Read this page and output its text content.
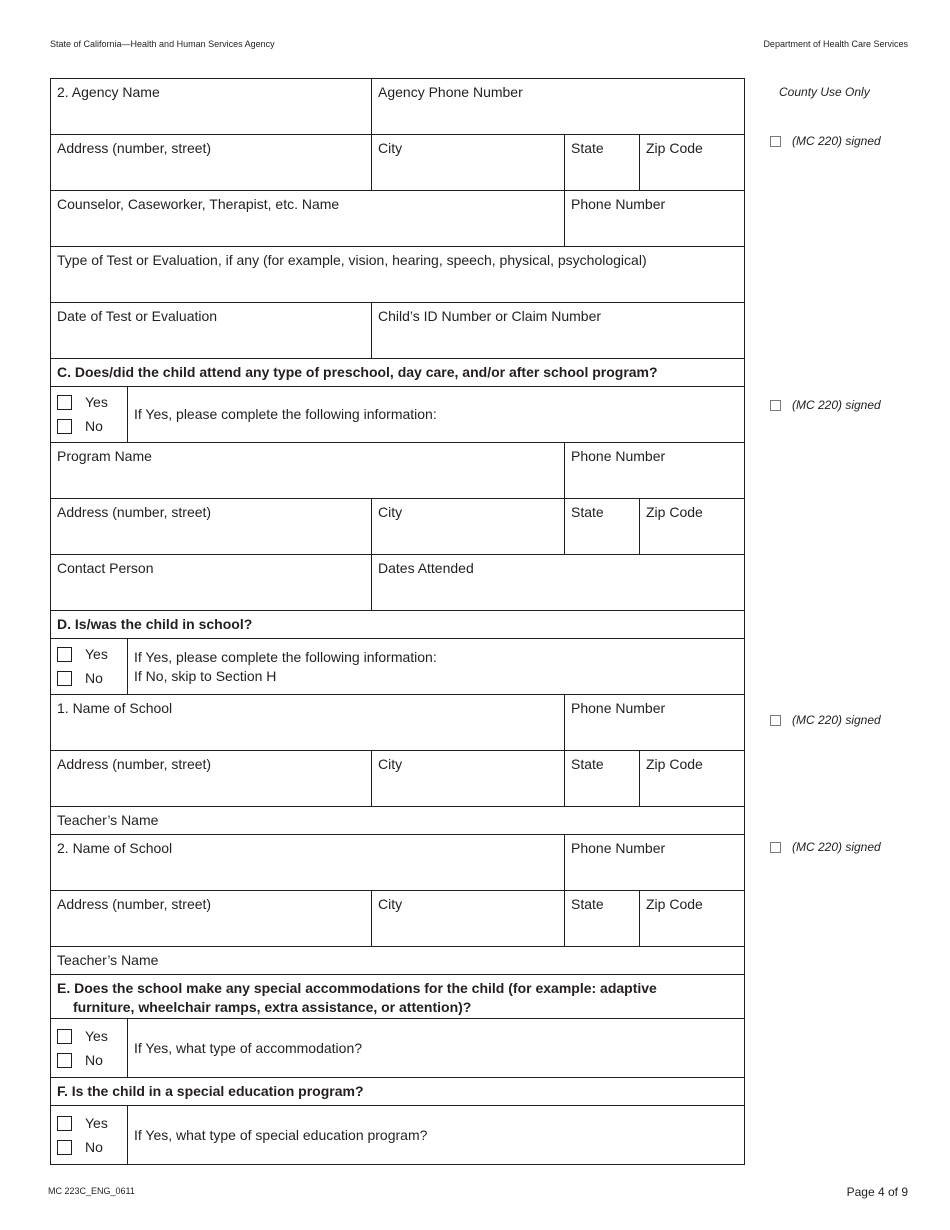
State of California—Health and Human Services Agency	Department of Health Care Services
2. Agency Name	Agency Phone Number
Address (number, street)	City	State	Zip Code
Counselor, Caseworker, Therapist, etc. Name	Phone Number
Type of Test or Evaluation, if any (for example, vision, hearing, speech, physical, psychological)
Date of Test or Evaluation	Child’s ID Number or Claim Number
C. Does/did the child attend any type of preschool, day care, and/or after school program?
Yes
No
If Yes, please complete the following information:
Program Name	Phone Number
Address (number, street)	City	State	Zip Code
Contact Person	Dates Attended
D. Is/was the child in school?
Yes
No
If Yes, please complete the following information:
If No, skip to Section H
1. Name of School	Phone Number
Address (number, street)	City	State	Zip Code
Teacher’s Name
2. Name of School	Phone Number
Address (number, street)	City	State	Zip Code
Teacher’s Name
E. Does the school make any special accommodations for the child (for example: adaptive
furniture, wheelchair ramps, extra assistance, or attention)?
Yes
No
If Yes, what type of accommodation?
F. Is the child in a special education program?
Yes
No
If Yes, what type of special education program?
County Use Only
(MC 220) signed
(MC 220) signed
(MC 220) signed
(MC 220) signed
MC 223C_ENG_0611	Page 4 of 9
